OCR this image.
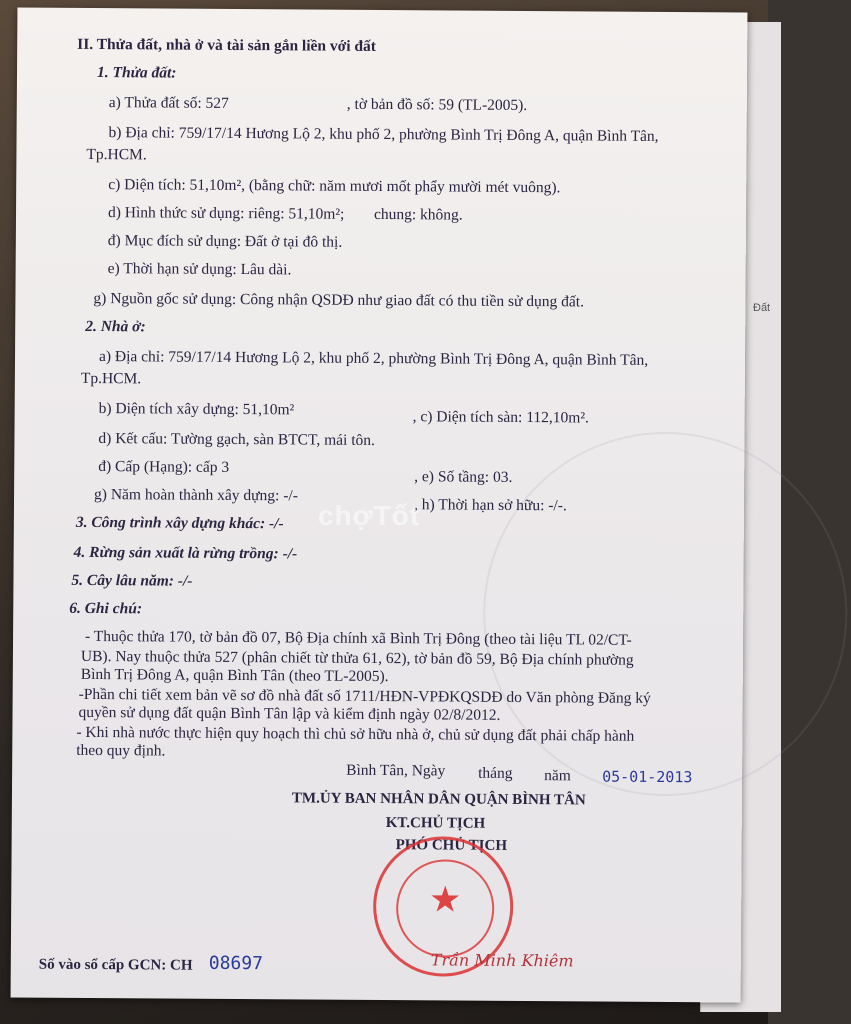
Đất
II. Thửa đất, nhà ở và tài sản gắn liền với đất
1. Thửa đất:
a) Thửa đất số: 527	, tờ bản đồ số: 59 (TL-2005).
b) Địa chỉ: 759/17/14 Hương Lộ 2, khu phố 2, phường Bình Trị Đông A, quận Bình Tân,
Tp.HCM.
c) Diện tích: 51,10m², (bằng chữ: năm mươi mốt phẩy mười mét vuông).
d) Hình thức sử dụng: riêng: 51,10m²; chung: không.
đ) Mục đích sử dụng: Đất ở tại đô thị.
e) Thời hạn sử dụng: Lâu dài.
g) Nguồn gốc sử dụng: Công nhận QSDĐ như giao đất có thu tiền sử dụng đất.
2. Nhà ở:
a) Địa chỉ: 759/17/14 Hương Lộ 2, khu phố 2, phường Bình Trị Đông A, quận Bình Tân,
Tp.HCM.
b) Diện tích xây dựng: 51,10m²	, c) Diện tích sàn: 112,10m².
d) Kết cấu: Tường gạch, sàn BTCT, mái tôn.
đ) Cấp (Hạng): cấp 3
, e) Số tầng: 03.
g) Năm hoàn thành xây dựng: -/-
, h) Thời hạn sở hữu: -/-.
3. Công trình xây dựng khác: -/-
4. Rừng sản xuất là rừng trồng: -/-
5. Cây lâu năm: -/-
6. Ghi chú:
- Thuộc thửa 170, tờ bản đồ 07, Bộ Địa chính xã Bình Trị Đông (theo tài liệu TL 02/CT-
UB). Nay thuộc thửa 527 (phân chiết từ thửa 61, 62), tờ bản đồ 59, Bộ Địa chính phường
Bình Trị Đông A, quận Bình Tân (theo TL-2005).
-Phần chi tiết xem bản vẽ sơ đồ nhà đất số 1711/HĐN-VPĐKQSDĐ do Văn phòng Đăng ký
quyền sử dụng đất quận Bình Tân lập và kiểm định ngày 02/8/2012.
- Khi nhà nước thực hiện quy hoạch thì chủ sở hữu nhà ở, chủ sử dụng đất phải chấp hành
theo quy định.
Bình Tân, Ngày tháng năm 05-01-2013
TM.ỦY BAN NHÂN DÂN QUẬN BÌNH TÂN
KT.CHỦ TỊCH
PHÓ CHỦ TỊCH
★
Trần Minh Khiêm
Số vào sổ cấp GCN: CH 08697
chợTốt
